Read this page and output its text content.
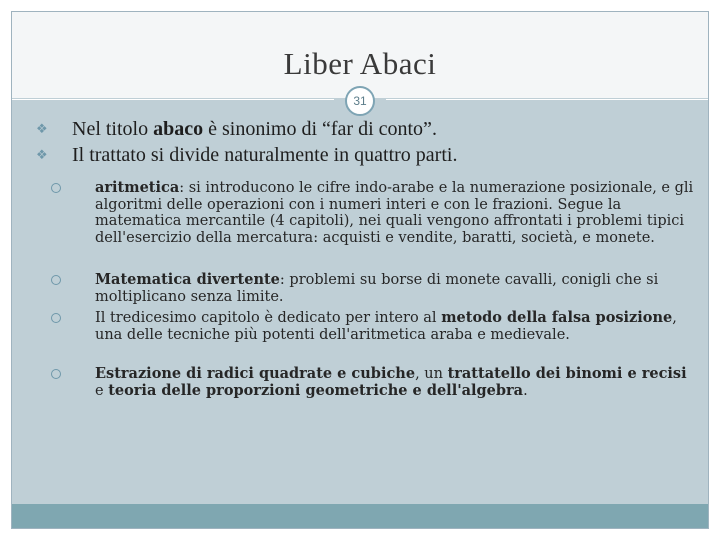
Liber Abaci
31
❖ Nel titolo abaco è sinonimo di “far di conto”.
❖ Il trattato si divide naturalmente in quattro parti.
aritmetica: si introducono le cifre indo-arabe e la numerazione posizionale, e gli algoritmi delle operazioni con i numeri interi e con le frazioni. Segue la matematica mercantile (4 capitoli), nei quali vengono affrontati i problemi tipici dell'esercizio della mercatura: acquisti e vendite, baratti, società, e monete.
Matematica divertente: problemi su borse di monete cavalli, conigli che si moltiplicano senza limite.
Il tredicesimo capitolo è dedicato per intero al metodo della falsa posizione, una delle tecniche più potenti dell'aritmetica araba e medievale.
Estrazione di radici quadrate e cubiche, un trattatello dei binomi e recisi e teoria delle proporzioni geometriche e dell'algebra.
